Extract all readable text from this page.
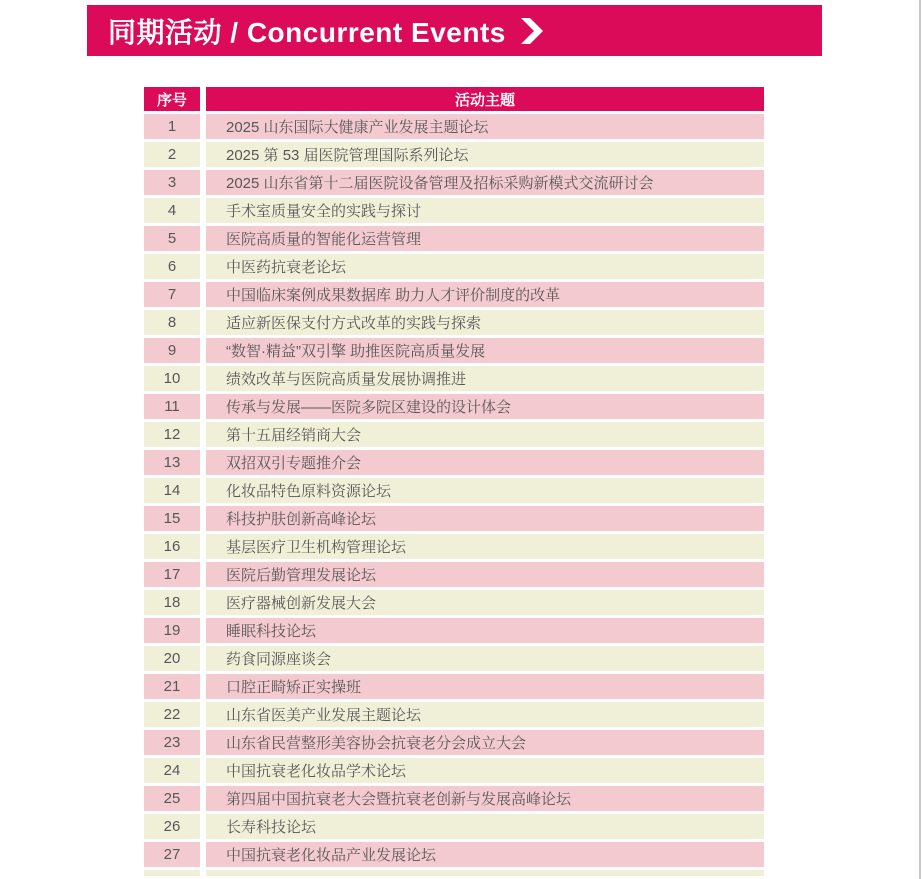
同期活动 / Concurrent Events
序号	活动主题
1	2025 山东国际大健康产业发展主题论坛
2	2025 第 53 届医院管理国际系列论坛
3	2025 山东省第十二届医院设备管理及招标采购新模式交流研讨会
4	手术室质量安全的实践与探讨
5	医院高质量的智能化运营管理
6	中医药抗衰老论坛
7	中国临床案例成果数据库 助力人才评价制度的改革
8	适应新医保支付方式改革的实践与探索
9	“数智·精益”双引擎 助推医院高质量发展
10	绩效改革与医院高质量发展协调推进
11	传承与发展——医院多院区建设的设计体会
12	第十五届经销商大会
13	双招双引专题推介会
14	化妆品特色原料资源论坛
15	科技护肤创新高峰论坛
16	基层医疗卫生机构管理论坛
17	医院后勤管理发展论坛
18	医疗器械创新发展大会
19	睡眠科技论坛
20	药食同源座谈会
21	口腔正畸矫正实操班
22	山东省医美产业发展主题论坛
23	山东省民营整形美容协会抗衰老分会成立大会
24	中国抗衰老化妆品学术论坛
25	第四届中国抗衰老大会暨抗衰老创新与发展高峰论坛
26	长寿科技论坛
27	中国抗衰老化妆品产业发展论坛
